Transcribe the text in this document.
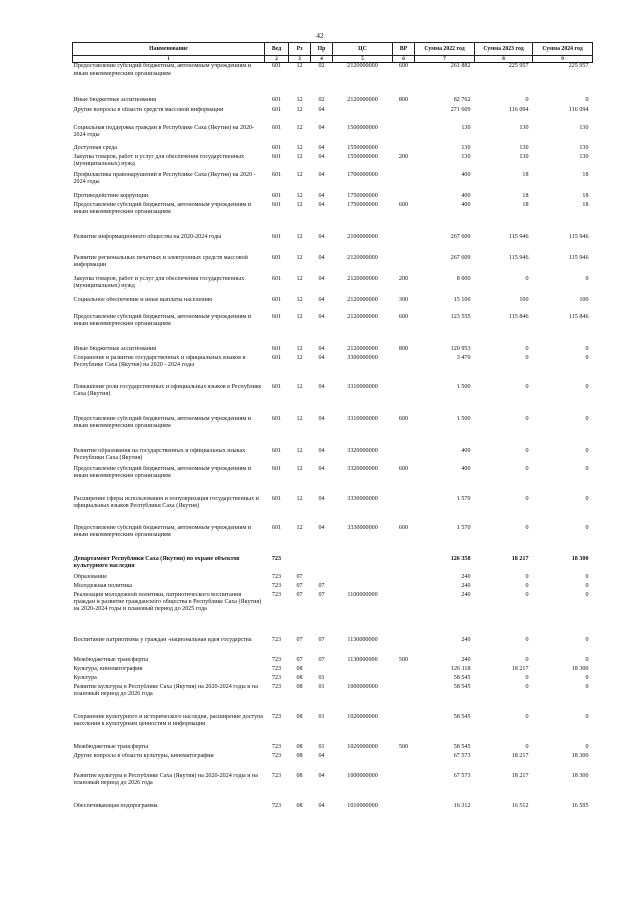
42
Наименование	Вед	Рз	Пр	ЦС	ВР	Сумма 2022 год	Сумма 2023 год	Сумма 2024 год
1	2	3	4	5	6	7	8	9
Предоставление субсидий бюджетным, автономным учреждениям и иным некоммерческим организациям	601	12	02	2120000000	600	261 882	225 957	225 957
Иные бюджетные ассигнования	601	12	02	2120000000	800	82 762	0	0
Другие вопросы в области средств массовой информации	601	12	04			271 609	116 094	116 094
Социальная поддержка граждан в Республике Саха (Якутия) на 2020-2024 годы	601	12	04	1500000000		130	130	130
Доступная среда	601	12	04	1550000000		130	130	130
Закупка товаров, работ и услуг для обеспечения государственных (муниципальных) нужд	601	12	04	1550000000	200	130	130	130
Профилактика правонарушений в Республике Саха (Якутия) на 2020 - 2024 годы	601	12	04	1700000000		400	18	18
Противодействие коррупции	601	12	04	1750000000		400	18	18
Предоставление субсидий бюджетным, автономным учреждениям и иным некоммерческим организациям	601	12	04	1750000000	600	400	18	18
Развитие информационного общества на 2020-2024 годы	601	12	04	2100000000		267 609	115 946	115 946
Развитие региональных печатных и электронных средств массовой информации	601	12	04	2120000000		267 609	115 946	115 946
Закупка товаров, работ и услуг для обеспечения государственных (муниципальных) нужд	601	12	04	2120000000	200	8 000	0	0
Социальное обеспечение и иные выплаты населению	601	12	04	2120000000	300	15 100	100	100
Предоставление субсидий бюджетным, автономным учреждениям и иным некоммерческим организациям	601	12	04	2120000000	600	123 555	115 846	115 846
Иные бюджетные ассигнования	601	12	04	2120000000	800	120 953	0	0
Сохранение и развитие государственных и официальных языков в Республике Саха (Якутия) на 2020 - 2024 годы	601	12	04	3300000000		3 470	0	0
Повышение роли государственных и официальных языков в Республике Саха (Якутия)	601	12	04	3310000000		1 500	0	0
Предоставление субсидий бюджетным, автономным учреждениям и иным некоммерческим организациям	601	12	04	3310000000	600	1 500	0	0
Развитие образования на государственных и официальных языках Республики Саха (Якутия)	601	12	04	3320000000		400	0	0
Предоставление субсидий бюджетным, автономным учреждениям и иным некоммерческим организациям	601	12	04	3320000000	600	400	0	0
Расширение сферы использования и популяризация государственных и официальных языков Республики Саха (Якутия)	601	12	04	3330000000		1 570	0	0
Предоставление субсидий бюджетным, автономным учреждениям и иным некоммерческим организациям	601	12	04	3330000000	600	1 570	0	0
Департамент Республики Саха (Якутия) по охране объектов культурного наследия	723					126 358	18 217	18 300
Образование	723	07				240	0	0
Молодежная политика	723	07	07			240	0	0
Реализация молодежной политики, патриотического воспитания граждан и развитие гражданского общества в Республике Саха (Якутия) на 2020-2024 годы и плановый период до 2025 года	723	07	07	1100000000		240	0	0
Воспитание патриотизма у граждан -национальная идея государства	723	07	07	1130000000		240	0	0
Межбюджетные трансферты	723	07	07	1130000000	500	240	0	0
Культура, кинематография	723	08				126 118	18 217	18 300
Культура	723	08	01			58 545	0	0
Развитие культуры в Республике Саха (Якутия) на 2020-2024 годы и на плановый период до 2026 года	723	08	01	1000000000		58 545	0	0
Сохранение культурного и исторического наследия, расширение доступа населения к культурным ценностям и информации	723	08	01	1020000000		58 545	0	0
Межбюджетные трансферты	723	08	01	1020000000	500	58 545	0	0
Другие вопросы в области культуры, кинематографии	723	08	04			67 573	18 217	18 300
Развитие культуры в Республике Саха (Якутия) на 2020-2024 годы и на плановый период до 2026 года	723	08	04	1000000000		67 573	18 217	18 300
Обеспечивающая подпрограмма	723	08	04	1010000000		16 312	16 512	16 595
